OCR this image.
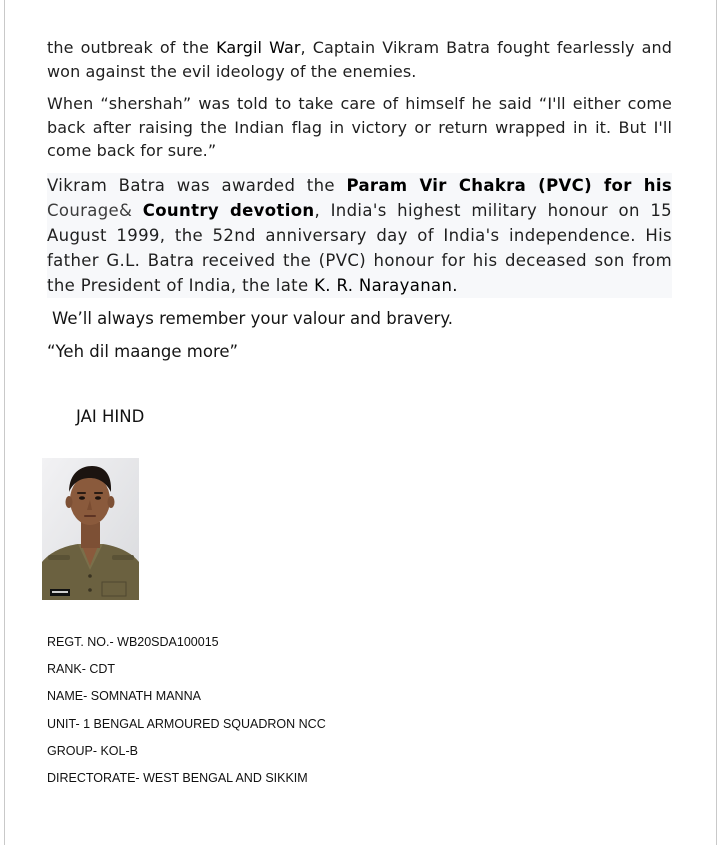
the outbreak of the Kargil War, Captain Vikram Batra fought fearlessly and won against the evil ideology of the enemies.

When “shershah” was told to take care of himself he said “I'll either come back after raising the Indian flag in victory or return wrapped in it. But I'll come back for sure.”

Vikram Batra was awarded the Param Vir Chakra (PVC) for his Courage& Country devotion, India's highest military honour on 15 August 1999, the 52nd anniversary day of India's independence. His father G.L. Batra received the (PVC) honour for his deceased son from the President of India, the late K. R. Narayanan.

We’ll always remember your valour and bravery.

“Yeh dil maange more”

JAI HIND
REGT. NO.- WB20SDA100015
RANK- CDT
NAME- SOMNATH MANNA
UNIT- 1 BENGAL ARMOURED SQUADRON NCC
GROUP- KOL-B
DIRECTORATE- WEST BENGAL AND SIKKIM
